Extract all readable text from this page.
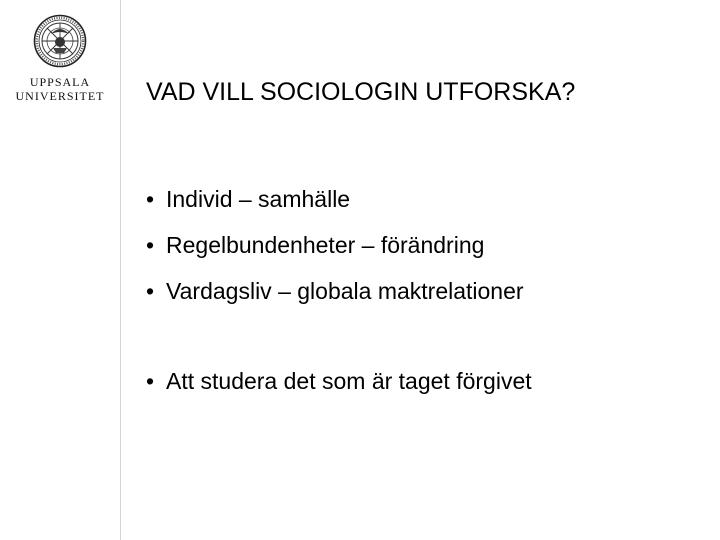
UPPSALA
UNIVERSITET	VAD VILL SOCIOLOGIN UTFORSKA?
• Individ – samhälle
• Regelbundenheter – förändring
• Vardagsliv – globala maktrelationer
• Att studera det som är taget förgivet
